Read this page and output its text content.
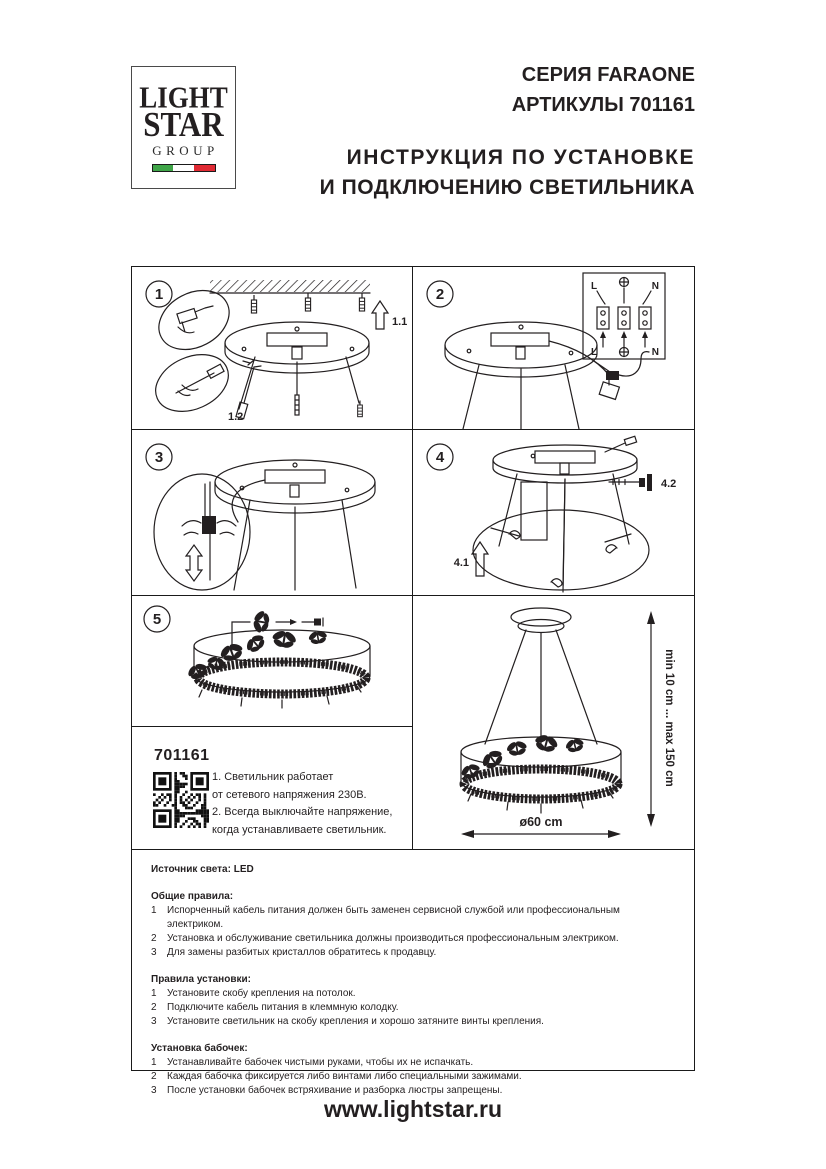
LIGHT
STAR
GROUP
СЕРИЯ FARAONE
АРТИКУЛЫ 701161
ИНСТРУКЦИЯ ПО УСТАНОВКЕ
И ПОДКЛЮЧЕНИЮ СВЕТИЛЬНИКА
1
1.1
1.2
2	L	N
L	N
3	4
4.1
4.2
5
701161
1. Светильник работает
от сетевого напряжения 230В.
2. Всегда выключайте напряжение,
когда устанавливаете светильник.
min 10 cm ... max 150 cm
ø60 cm
Источник света: LED
Общие правила:
1	Испорченный кабель питания должен быть заменен сервисной службой или профессиональным электриком.
2	Установка и обслуживание светильника должны производиться профессиональным электриком.
3	Для замены разбитых кристаллов обратитесь к продавцу.
Правила установки:
1	Установите скобу крепления на потолок.
2	Подключите кабель питания в клеммную колодку.
3	Установите светильник на скобу крепления и хорошо затяните винты крепления.
Установка бабочек:
1	Устанавливайте бабочек чистыми руками, чтобы их не испачкать.
2	Каждая бабочка фиксируется либо винтами либо специальными зажимами.
3	После установки бабочек встряхивание и разборка люстры запрещены.
www.lightstar.ru
